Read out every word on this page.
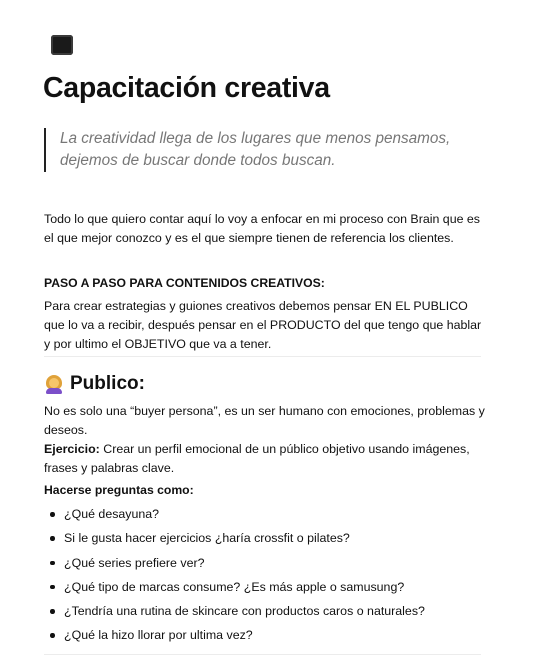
Capacitación creativa
La creatividad llega de los lugares que menos pensamos, dejemos de buscar donde todos buscan.

Todo lo que quiero contar aquí lo voy a enfocar en mi proceso con Brain que es el que mejor conozco y es el que siempre tienen de referencia los clientes.

PASO A PASO PARA CONTENIDOS CREATIVOS:

Para crear estrategias y guiones creativos debemos pensar EN EL PUBLICO que lo va a recibir, después pensar en el PRODUCTO del que tengo que hablar y por ultimo el OBJETIVO que va a tener.

Publico:

No es solo una “buyer persona”, es un ser humano con emociones, problemas y deseos.

Ejercicio: Crear un perfil emocional de un público objetivo usando imágenes, frases y palabras clave.

Hacerse preguntas como:
¿Qué desayuna?
Si le gusta hacer ejercicios ¿haría crossfit o pilates?
¿Qué series prefiere ver?
¿Qué tipo de marcas consume? ¿Es más apple o samusung?
¿Tendría una rutina de skincare con productos caros o naturales?
¿Qué la hizo llorar por ultima vez?
